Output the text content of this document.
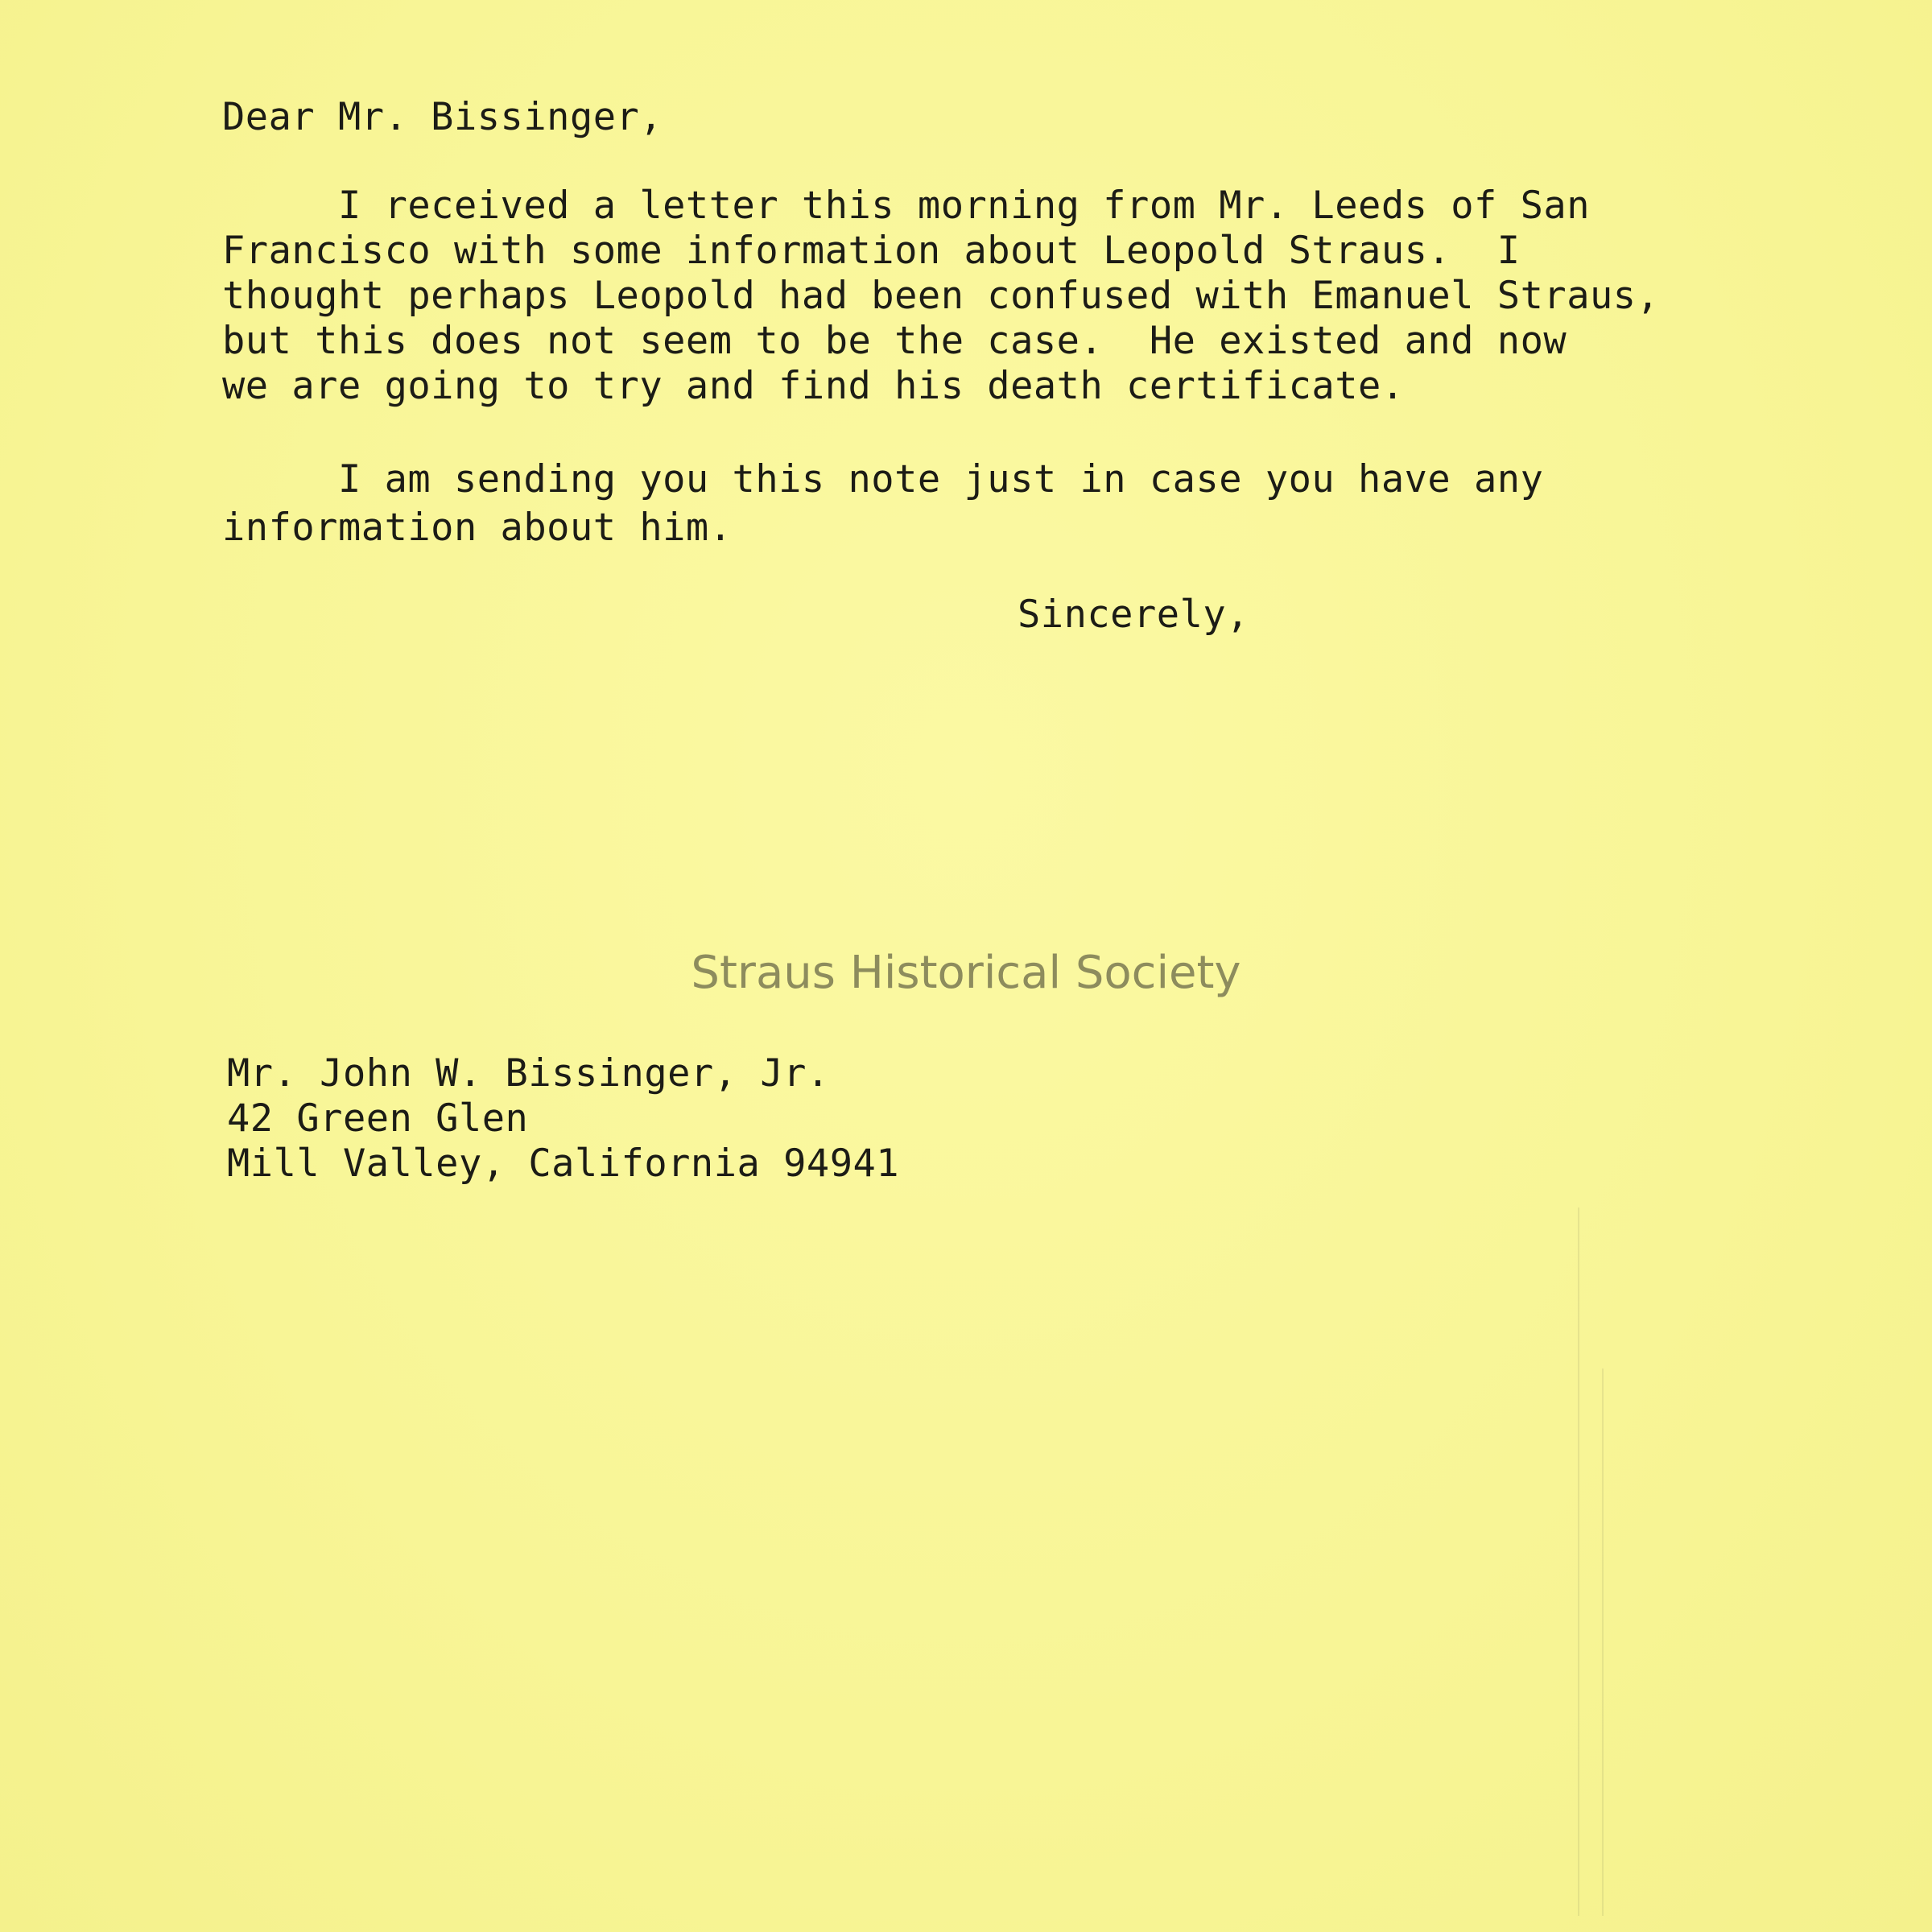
Dear Mr. Bissinger,

I received a letter this morning from Mr. Leeds of San

Francisco with some information about Leopold Straus.  I

thought perhaps Leopold had been confused with Emanuel Straus,

but this does not seem to be the case.  He existed and now

we are going to try and find his death certificate.

I am sending you this note just in case you have any

information about him.

Sincerely,
Straus Historical Society

Mr. John W. Bissinger, Jr.

42 Green Glen

Mill Valley, California 94941
